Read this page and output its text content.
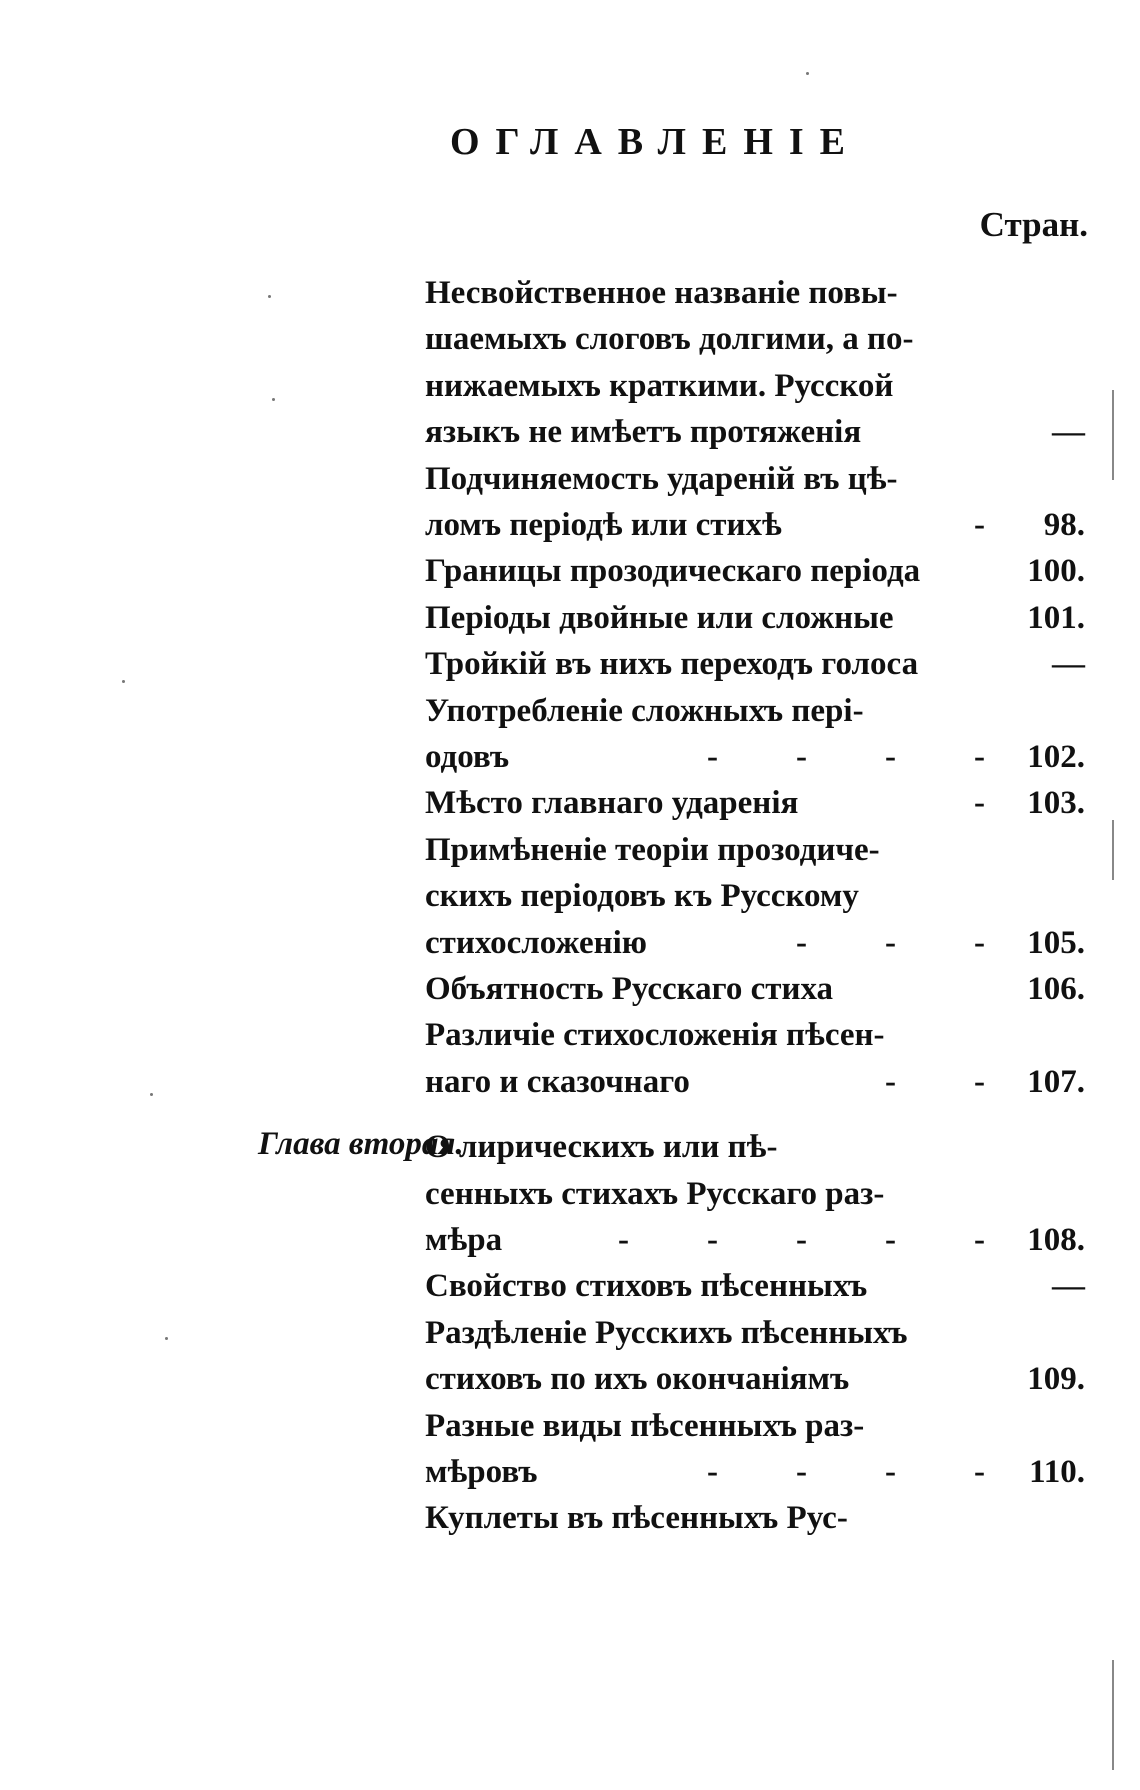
ОГЛАВЛЕНІЕ
Стран.
Глава вторая.
Несвойственное названіе повы-
шаемыхъ слоговъ долгими, а по-
нижаемыхъ краткими. Русской
языкъ не имѣетъ протяженія	—
Подчиняемость удареній въ цѣ-
ломъ періодѣ или стихѣ	- 98.
Границы прозодическаго періода	100.
Періоды двойные или сложные	101.
Тройкій въ нихъ переходъ голоса	—
Употребленіе сложныхъ пері-
одовъ	- - - - 102.
Мѣсто главнаго ударенія	- 103.
Примѣненіе теоріи прозодиче-
скихъ періодовъ къ Русскому
стихосложенію	- - - 105.
Объятность Русскаго стиха	106.
Различіе стихосложенія пѣсен-
наго и сказочнаго	- - 107.
О лирическихъ или пѣ-
сенныхъ стихахъ Русскаго раз-
мѣра	- - - - - 108.
Свойство стиховъ пѣсенныхъ	—
Раздѣленіе Русскихъ пѣсенныхъ
стиховъ по ихъ окончаніямъ	109.
Разные виды пѣсенныхъ раз-
мѣровъ	- - - - 110.
Куплеты въ пѣсенныхъ Рус-
